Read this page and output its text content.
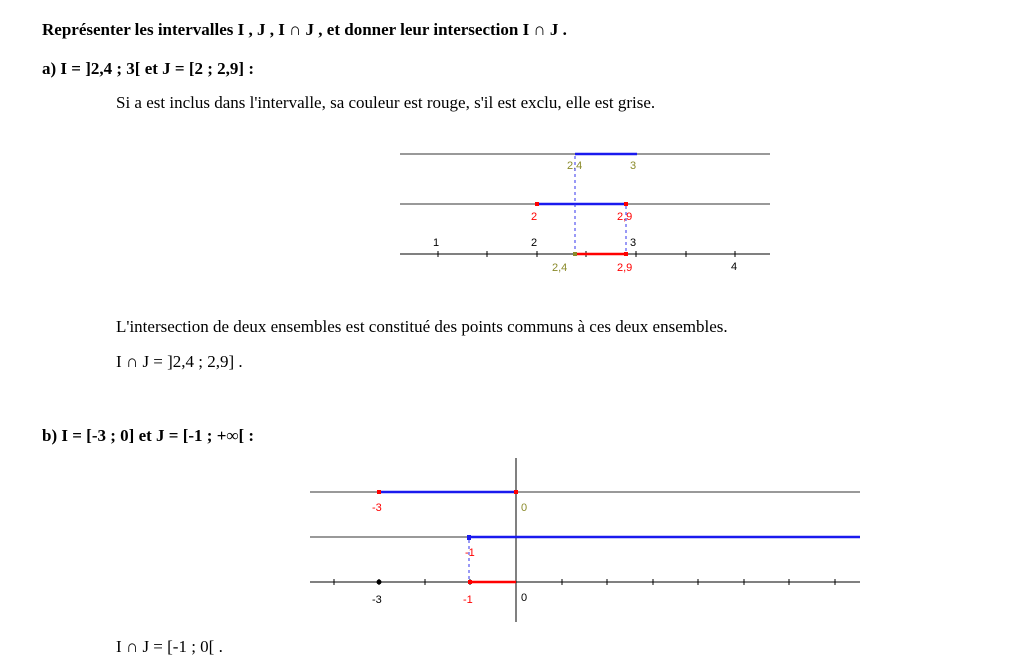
Représenter les intervalles I , J , I ∩ J , et donner leur intersection I ∩ J .
a) I = ]2,4 ; 3[ et J = [2 ; 2,9] :
Si a est inclus dans l'intervalle, sa couleur est rouge, s'il est exclu, elle est grise.
L'intersection de deux ensembles est constitué des points communs à ces deux ensembles.
I ∩ J = ]2,4 ; 2,9] .
b) I = [-3 ; 0] et J = [-1 ; +∞[ :
I ∩ J = [-1 ; 0[ .
2,4	3
2	2,9
1	2	3
4
2,4	2,9
-3	0
-1
-3	-1	0
